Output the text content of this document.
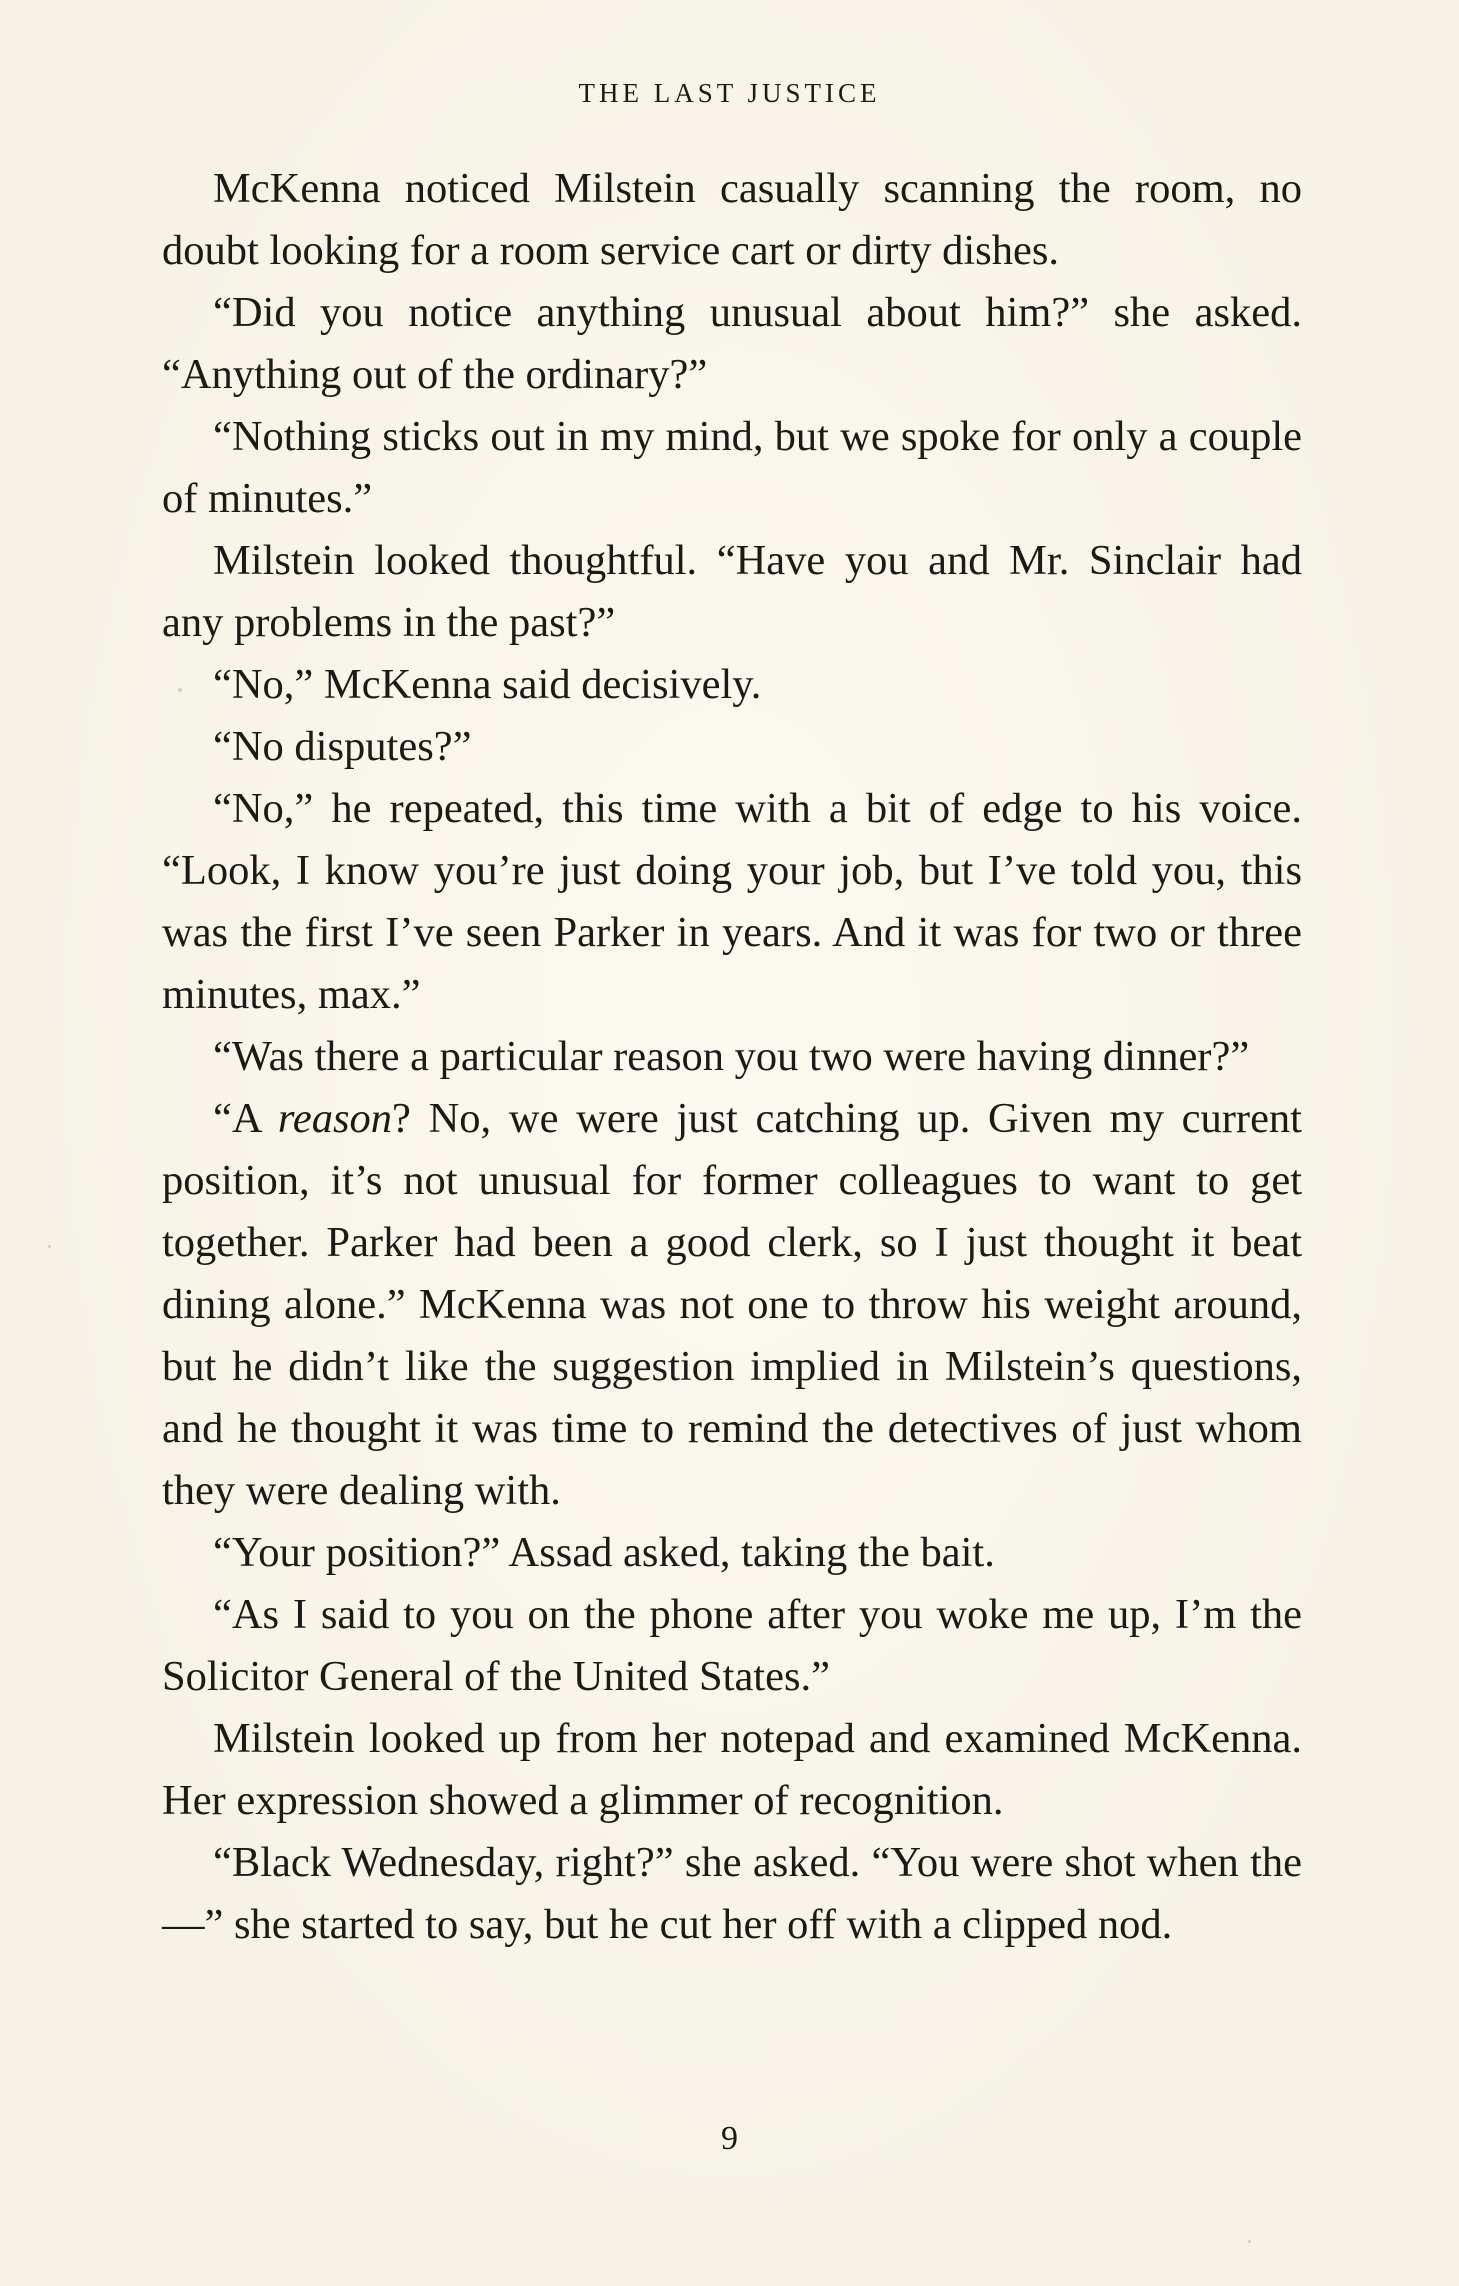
THE LAST JUSTICE

McKenna noticed Milstein casually scanning the room, no doubt looking for a room service cart or dirty dishes.

“Did you notice anything unusual about him?” she asked. “Anything out of the ordinary?”

“Nothing sticks out in my mind, but we spoke for only a couple of minutes.”

Milstein looked thoughtful. “Have you and Mr. Sinclair had any problems in the past?”

“No,” McKenna said decisively.

“No disputes?”

“No,” he repeated, this time with a bit of edge to his voice. “Look, I know you’re just doing your job, but I’ve told you, this was the first I’ve seen Parker in years. And it was for two or three minutes, max.”

“Was there a particular reason you two were having dinner?”

“A reason? No, we were just catching up. Given my current position, it’s not unusual for former colleagues to want to get together. Parker had been a good clerk, so I just thought it beat dining alone.” McKenna was not one to throw his weight around, but he didn’t like the suggestion implied in Milstein’s questions, and he thought it was time to remind the detectives of just whom they were dealing with.

“Your position?” Assad asked, taking the bait.

“As I said to you on the phone after you woke me up, I’m the Solicitor General of the United States.”

Milstein looked up from her notepad and examined McKenna. Her expression showed a glimmer of recognition.

“Black Wednesday, right?” she asked. “You were shot when the—” she started to say, but he cut her off with a clipped nod.

9
